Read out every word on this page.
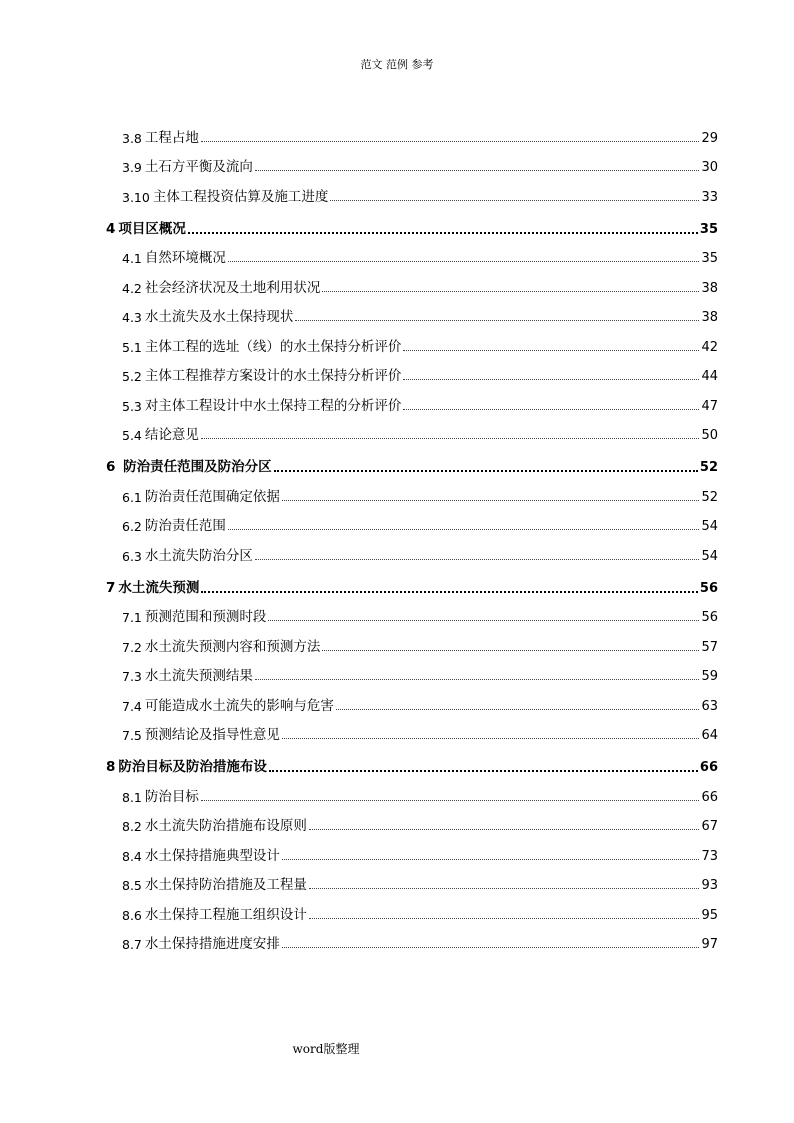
范文 范例 参考
3.8 工程占地	29
3.9 土石方平衡及流向	30
3.10 主体工程投资估算及施工进度	33
4 项目区概况	35
4.1 自然环境概况	35
4.2 社会经济状况及土地利用状况	38
4.3 水土流失及水土保持现状	38
5.1 主体工程的选址（线）的水土保持分析评价	42
5.2 主体工程推荐方案设计的水土保持分析评价	44
5.3 对主体工程设计中水土保持工程的分析评价	47
5.4 结论意见	50
6 防治责任范围及防治分区	52
6.1 防治责任范围确定依据	52
6.2 防治责任范围	54
6.3 水土流失防治分区	54
7 水土流失预测	56
7.1 预测范围和预测时段	56
7.2 水土流失预测内容和预测方法	57
7.3 水土流失预测结果	59
7.4 可能造成水土流失的影响与危害	63
7.5 预测结论及指导性意见	64
8 防治目标及防治措施布设	66
8.1 防治目标	66
8.2 水土流失防治措施布设原则	67
8.4 水土保持措施典型设计	73
8.5 水土保持防治措施及工程量	93
8.6 水土保持工程施工组织设计	95
8.7 水土保持措施进度安排	97
word版整理
